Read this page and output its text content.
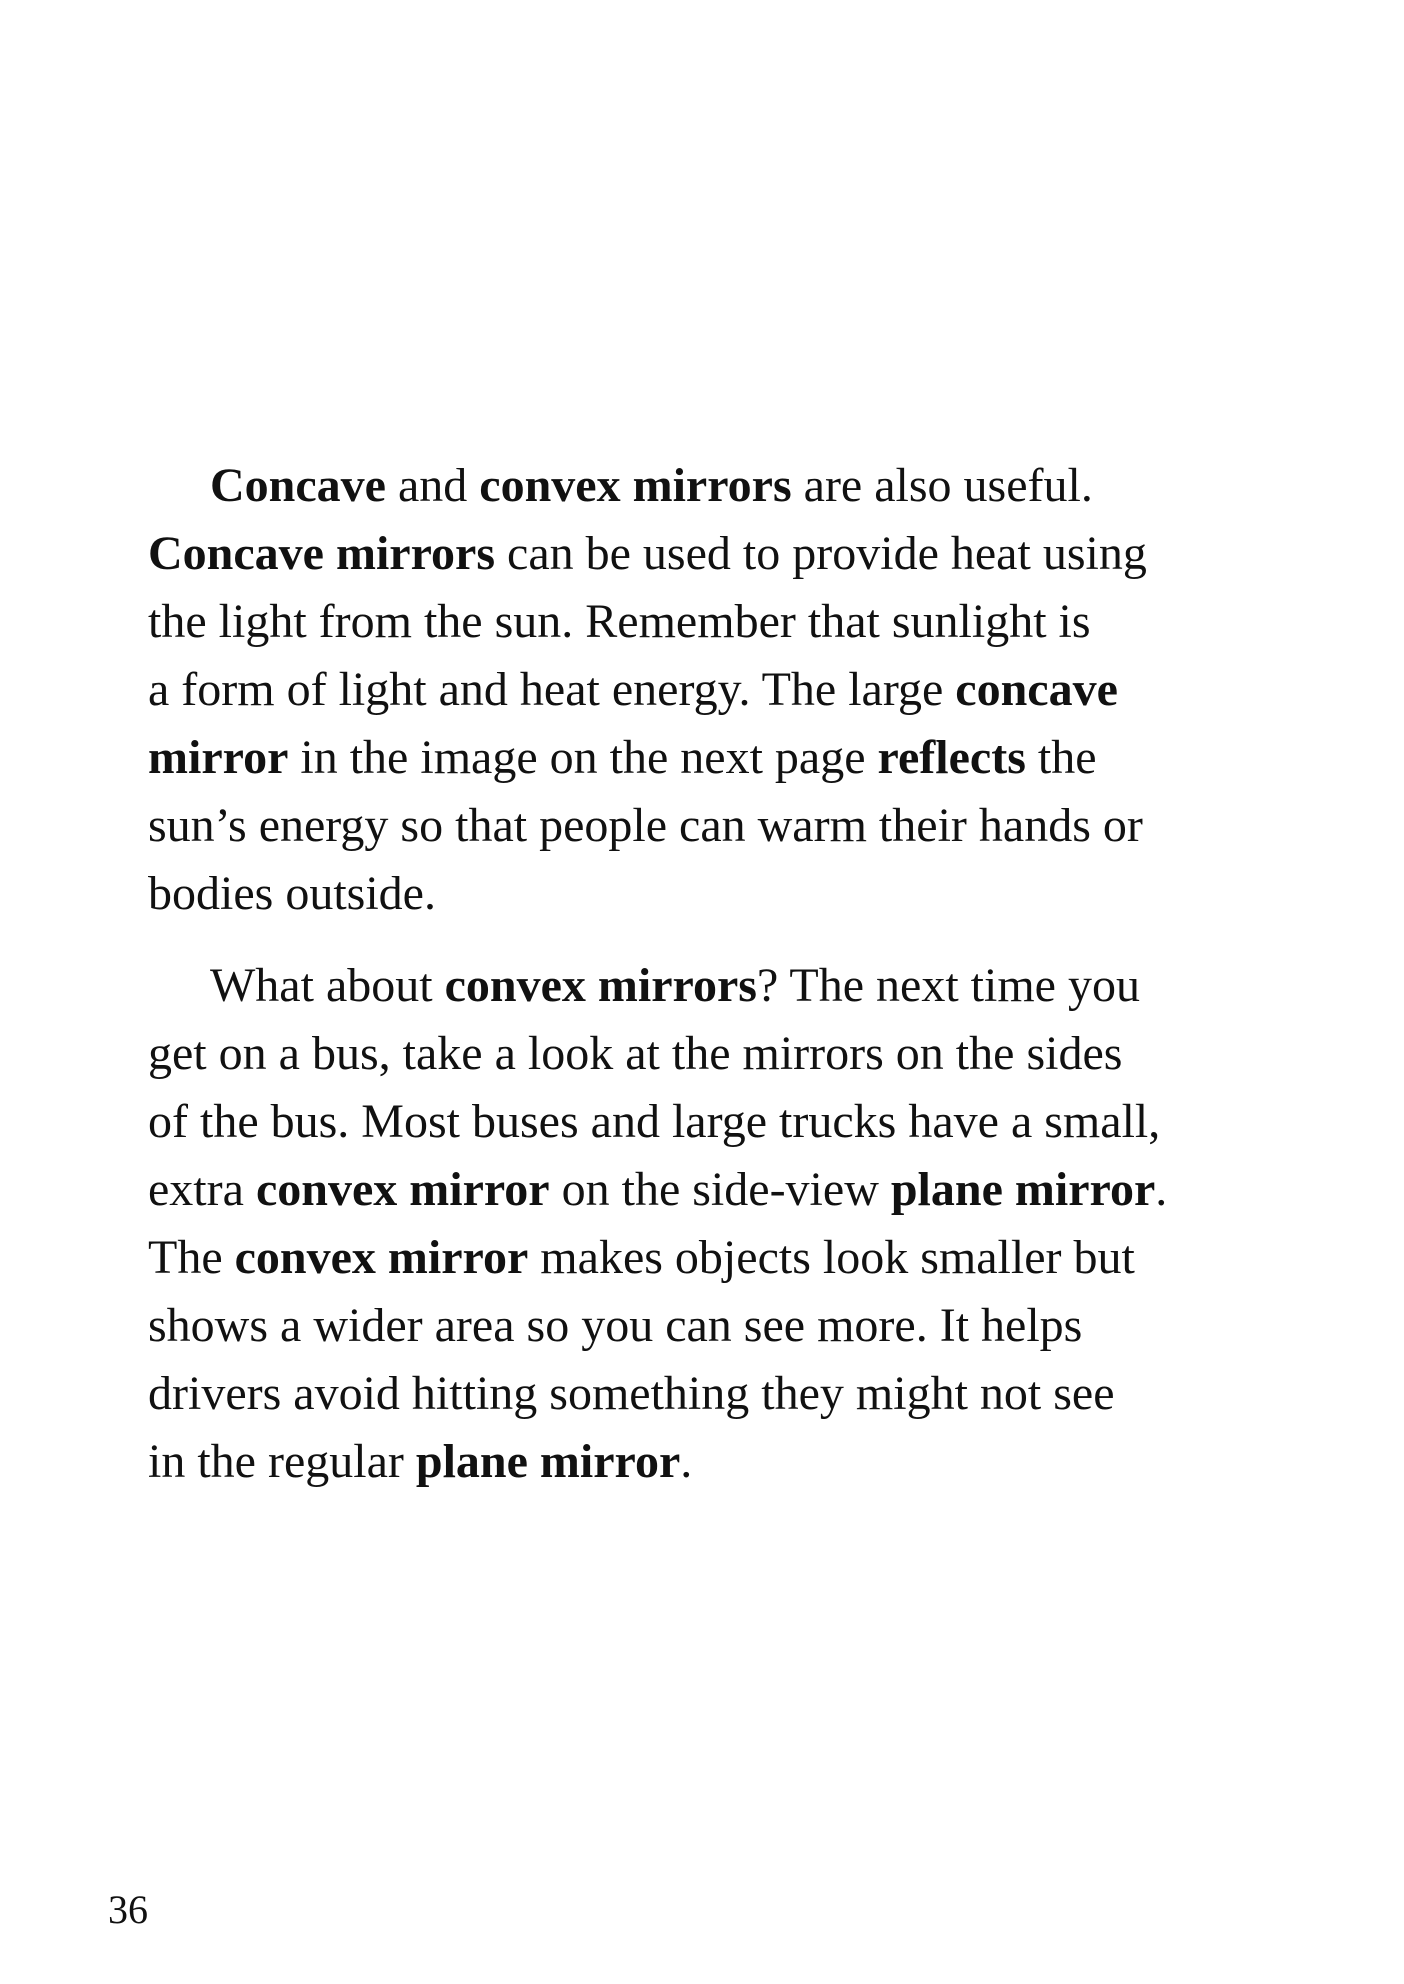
Concave and convex mirrors are also useful.
Concave mirrors can be used to provide heat using
the light from the sun. Remember that sunlight is
a form of light and heat energy. The large concave
mirror in the image on the next page reflects the
sun’s energy so that people can warm their hands or
bodies outside.

What about convex mirrors? The next time you
get on a bus, take a look at the mirrors on the sides
of the bus. Most buses and large trucks have a small,
extra convex mirror on the side-view plane mirror.
The convex mirror makes objects look smaller but
shows a wider area so you can see more. It helps
drivers avoid hitting something they might not see
in the regular plane mirror.

36
